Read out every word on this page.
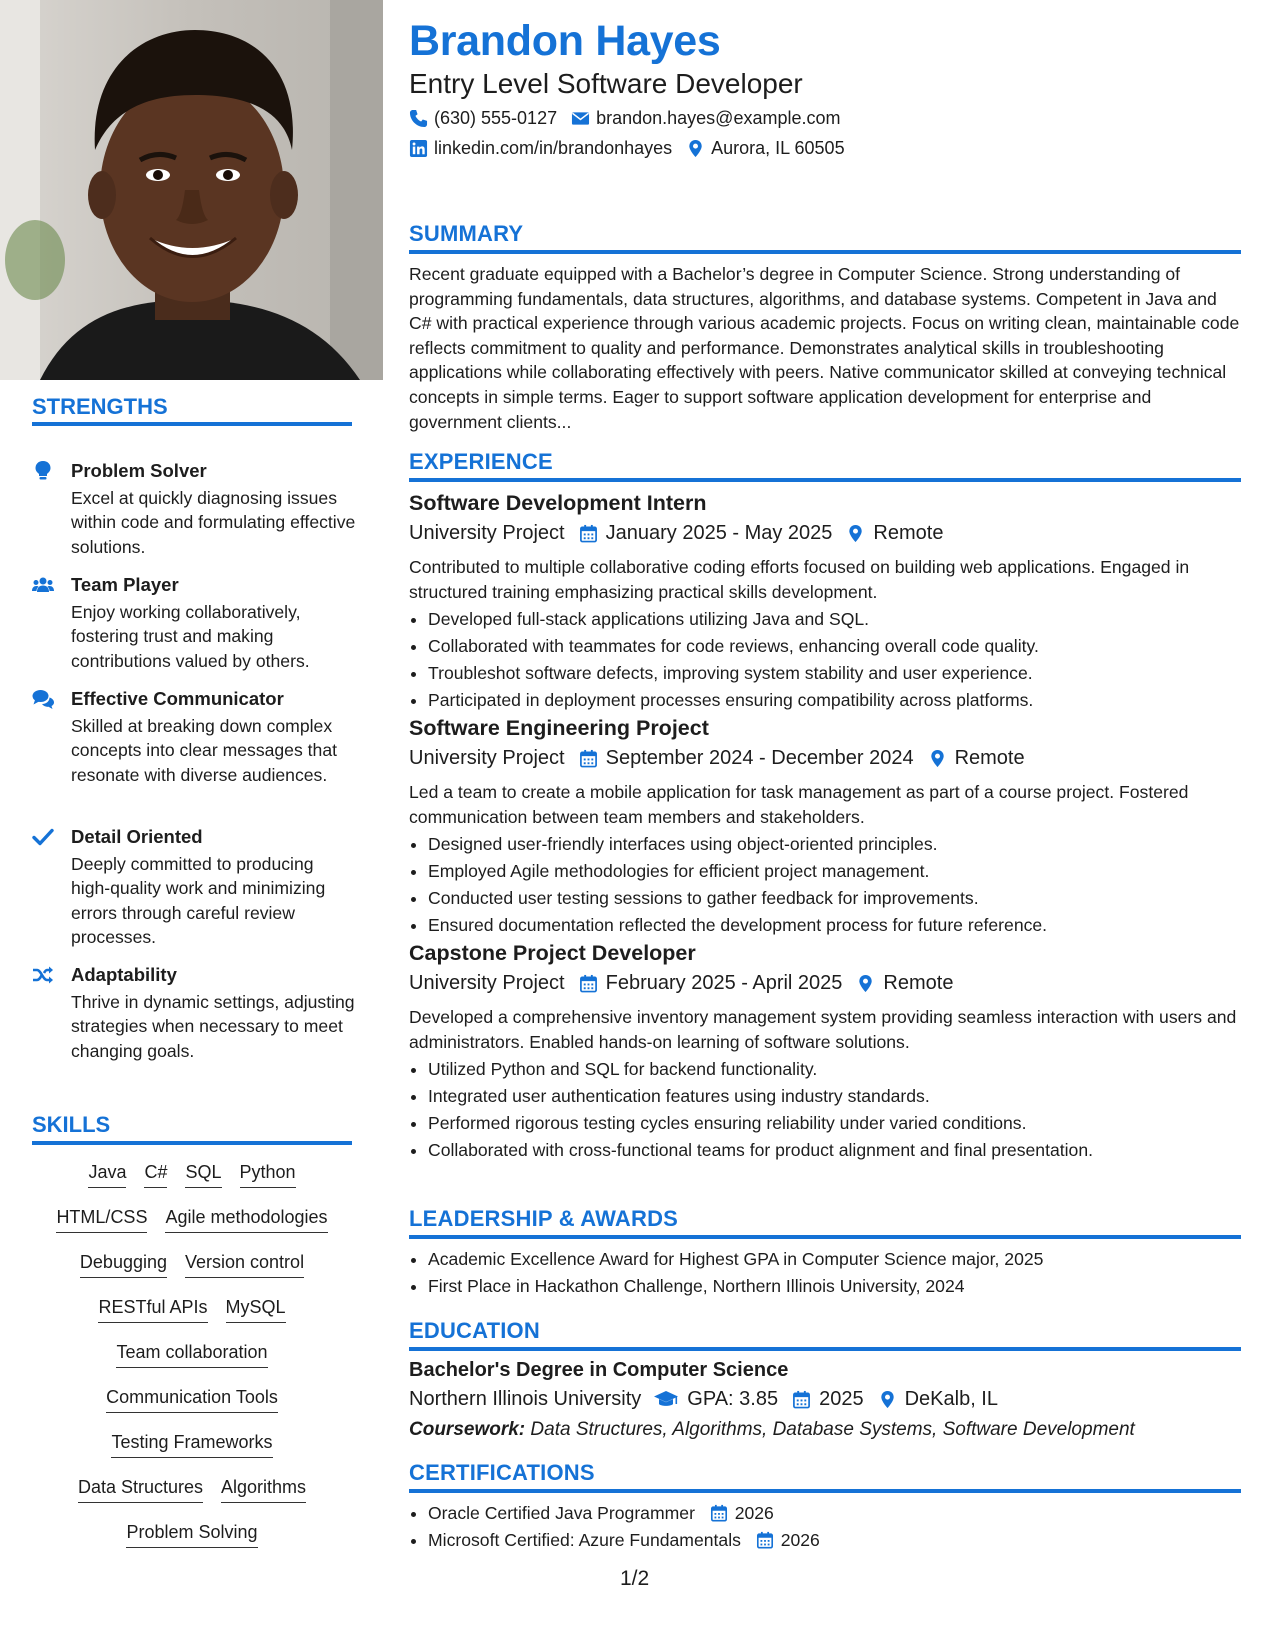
STRENGTHS
Problem Solver
Excel at quickly diagnosing issues within code and formulating effective solutions.
Team Player
Enjoy working collaboratively, fostering trust and making contributions valued by others.
Effective Communicator
Skilled at breaking down complex concepts into clear messages that resonate with diverse audiences.
Detail Oriented
Deeply committed to producing high-quality work and minimizing errors through careful review processes.
Adaptability
Thrive in dynamic settings, adjusting strategies when necessary to meet changing goals.
SKILLS
Java C# SQL Python
HTML/CSS Agile methodologies
Debugging Version control
RESTful APIs MySQL
Team collaboration
Communication Tools
Testing Frameworks
Data Structures Algorithms
Problem Solving
Brandon Hayes
Entry Level Software Developer
(630) 555-0127 brandon.hayes@example.com
linkedin.com/in/brandonhayes Aurora, IL 60505
SUMMARY
Recent graduate equipped with a Bachelor’s degree in Computer Science. Strong understanding of programming fundamentals, data structures, algorithms, and database systems. Competent in Java and C# with practical experience through various academic projects. Focus on writing clean, maintainable code reflects commitment to quality and performance. Demonstrates analytical skills in troubleshooting applications while collaborating effectively with peers. Native communicator skilled at conveying technical concepts in simple terms. Eager to support software application development for enterprise and government clients...
EXPERIENCE
Software Development Intern
University Project January 2025 - May 2025 Remote
Contributed to multiple collaborative coding efforts focused on building web applications. Engaged in structured training emphasizing practical skills development.
• Developed full-stack applications utilizing Java and SQL.
• Collaborated with teammates for code reviews, enhancing overall code quality.
• Troubleshot software defects, improving system stability and user experience.
• Participated in deployment processes ensuring compatibility across platforms.
Software Engineering Project
University Project September 2024 - December 2024 Remote
Led a team to create a mobile application for task management as part of a course project. Fostered communication between team members and stakeholders.
• Designed user-friendly interfaces using object-oriented principles.
• Employed Agile methodologies for efficient project management.
• Conducted user testing sessions to gather feedback for improvements.
• Ensured documentation reflected the development process for future reference.
Capstone Project Developer
University Project February 2025 - April 2025 Remote
Developed a comprehensive inventory management system providing seamless interaction with users and administrators. Enabled hands-on learning of software solutions.
• Utilized Python and SQL for backend functionality.
• Integrated user authentication features using industry standards.
• Performed rigorous testing cycles ensuring reliability under varied conditions.
• Collaborated with cross-functional teams for product alignment and final presentation.
LEADERSHIP & AWARDS
• Academic Excellence Award for Highest GPA in Computer Science major, 2025
• First Place in Hackathon Challenge, Northern Illinois University, 2024
EDUCATION
Bachelor's Degree in Computer Science
Northern Illinois University GPA: 3.85 2025 DeKalb, IL
Coursework: Data Structures, Algorithms, Database Systems, Software Development
CERTIFICATIONS
• Oracle Certified Java Programmer 2026
• Microsoft Certified: Azure Fundamentals 2026
1/2
